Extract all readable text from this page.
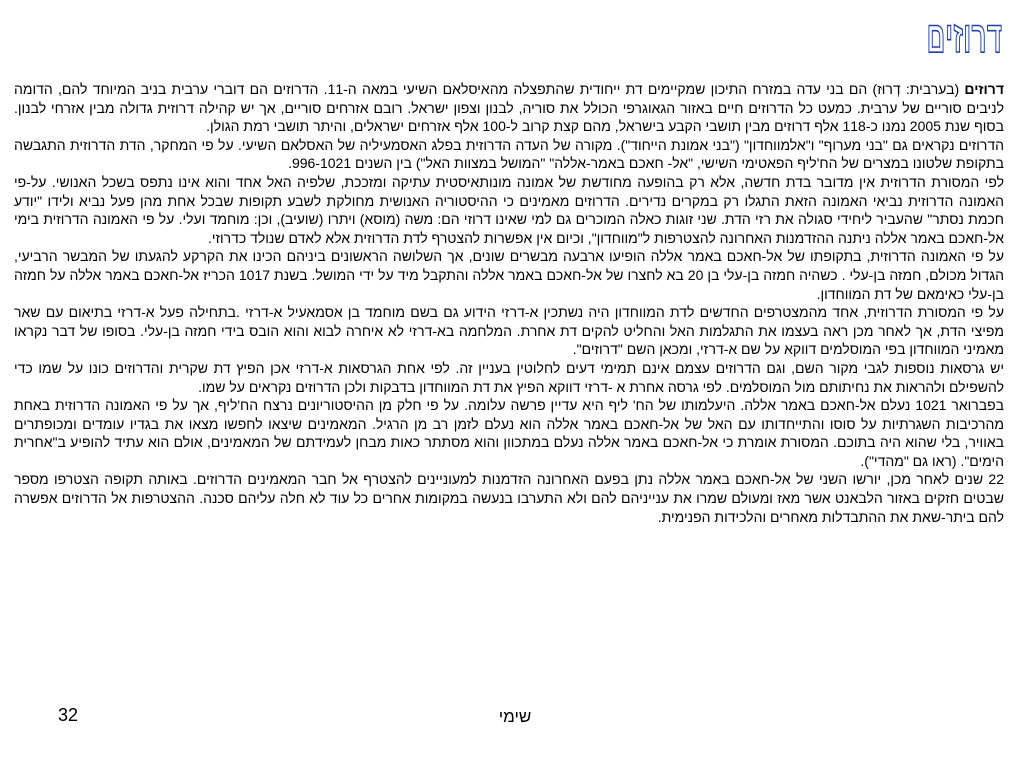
דרוזים

דרוזים (בערבית: דְרוּז) הם בני עדה במזרח התיכון שמקיימים דת ייחודית שהתפצלה מהאיסלאם השיעי במאה ה-11. הדרוזים הם דוברי ערבית בניב המיוחד להם, הדומה לניבים סוריים של ערבית. כמעט כל הדרוזים חיים באזור הגאוגרפי הכולל את סוריה, לבנון וצפון ישראל. רובם אזרחים סוריים, אך יש קהילה דרוזית גדולה מבין אזרחי לבנון. בסוף שנת 2005 נמנו כ-118 אלף דרוזים מבין תושבי הקבע בישראל, מהם קצת קרוב ל-100 אלף אזרחים ישראלים, והיתר תושבי רמת הגולן.

הדרוזים נקראים גם "בני מערוף" ו"אלמווחדון" ("בני אמונת הייחוד"). מקורה של העדה הדרוזית בפלג האסמעיליה של האסלאם השיעי. על פי המחקר, הדת הדרוזית התגבשה בתקופת שלטונו במצרים של הח'ליף הפאטימי השישי, "אל- חאכם באמר-אללה" "המושל במצוות האל") בין השנים 996-1021.

לפי המסורת הדרוזית אין מדובר בדת חדשה, אלא רק בהופעה מחודשת של אמונה מונותאיסטית עתיקה ומזככת, שלפיה האל אחד והוא אינו נתפס בשכל האנושי. על-פי האמונה הדרוזית נביאי האמונה הזאת התגלו רק במקרים נדירים. הדרוזים מאמינים כי ההיסטוריה האנושית מחולקת לשבע תקופות שבכל אחת מהן פעל נביא ולידו "יודע חכמת נסתר" שהעביר ליחידי סגולה את רזי הדת. שני זוגות כאלה המוכרים גם למי שאינו דרוזי הם: משה (מוסא) ויתרו (שועיב), וכן: מוחמד ועלי. על פי האמונה הדרוזית בימי אל-חאכם באמר אללה ניתנה ההזדמנות האחרונה להצטרפות ל"מווחדון", וכיום אין אפשרות להצטרף לדת הדרוזית אלא לאדם שנולד כדרוזי.

על פי האמונה הדרוזית, בתקופתו של אל-חאכם באמר אללה הופיעו ארבעה מבשרים שונים, אך השלושה הראשונים ביניהם הכינו את הקרקע להגעתו של המבשר הרביעי, הגדול מכולם, חמזה בן-עלי . כשהיה חמזה בן-עלי בן 20 בא לחצרו של אל-חאכם באמר אללה והתקבל מיד על ידי המושל. בשנת 1017 הכריז אל-חאכם באמר אללה על חמזה בן-עלי כאימאם של דת המווחדון.

על פי המסורת הדרוזית, אחד מהמצטרפים החדשים לדת המווחדון היה נשתכין א-דרזי הידוע גם בשם מוחמד בן אסמאעיל א-דרזי .בתחילה פעל א-דרזי בתיאום עם שאר מפיצי הדת, אך לאחר מכן ראה בעצמו את התגלמות האל והחליט להקים דת אחרת. המלחמה בא-דרזי לא איחרה לבוא והוא הובס בידי חמזה בן-עלי. בסופו של דבר נקראו מאמיני המווחדון בפי המוסלמים דווקא על שם א-דרזי, ומכאן השם "דרוזים".

יש גרסאות נוספות לגבי מקור השם, וגם הדרוזים עצמם אינם תמימי דעים לחלוטין בעניין זה. לפי אחת הגרסאות א-דרזי אכן הפיץ דת שקרית והדרוזים כונו על שמו כדי להשפילם ולהראות את נחיתותם מול המוסלמים. לפי גרסה אחרת א -דרזי דווקא הפיץ את דת המווחדון בדבקות ולכן הדרוזים נקראים על שמו.

בפברואר 1021 נעלם אל-חאכם באמר אללה. היעלמותו של הח' ליף היא עדיין פרשה עלומה. על פי חלק מן ההיסטוריונים נרצח הח'ליף, אך על פי האמונה הדרוזית באחת מהרכיבות השגרתיות על סוסו והתייחדותו עם האל של אל-חאכם באמר אללה הוא נעלם לזמן רב מן הרגיל. המאמינים שיצאו לחפשו מצאו את בגדיו עומדים ומכופתרים באוויר, בלי שהוא היה בתוכם. המסורת אומרת כי אל-חאכם באמר אללה נעלם במתכוון והוא מסתתר כאות מבחן לעמידתם של המאמינים, אולם הוא עתיד להופיע ב"אחרית הימים". (ראו גם "מהדי").

22 שנים לאחר מכן, יורשו השני של אל-חאכם באמר אללה נתן בפעם האחרונה הזדמנות למעוניינים להצטרף אל חבר המאמינים הדרוזים. באותה תקופה הצטרפו מספר שבטים חזקים באזור הלבאנט אשר מאז ומעולם שמרו את ענייניהם להם ולא התערבו בנעשה במקומות אחרים כל עוד לא חלה עליהם סכנה. ההצטרפות אל הדרוזים אפשרה להם ביתר-שאת את ההתבדלות מאחרים והלכידות הפנימית.

שימי
32
